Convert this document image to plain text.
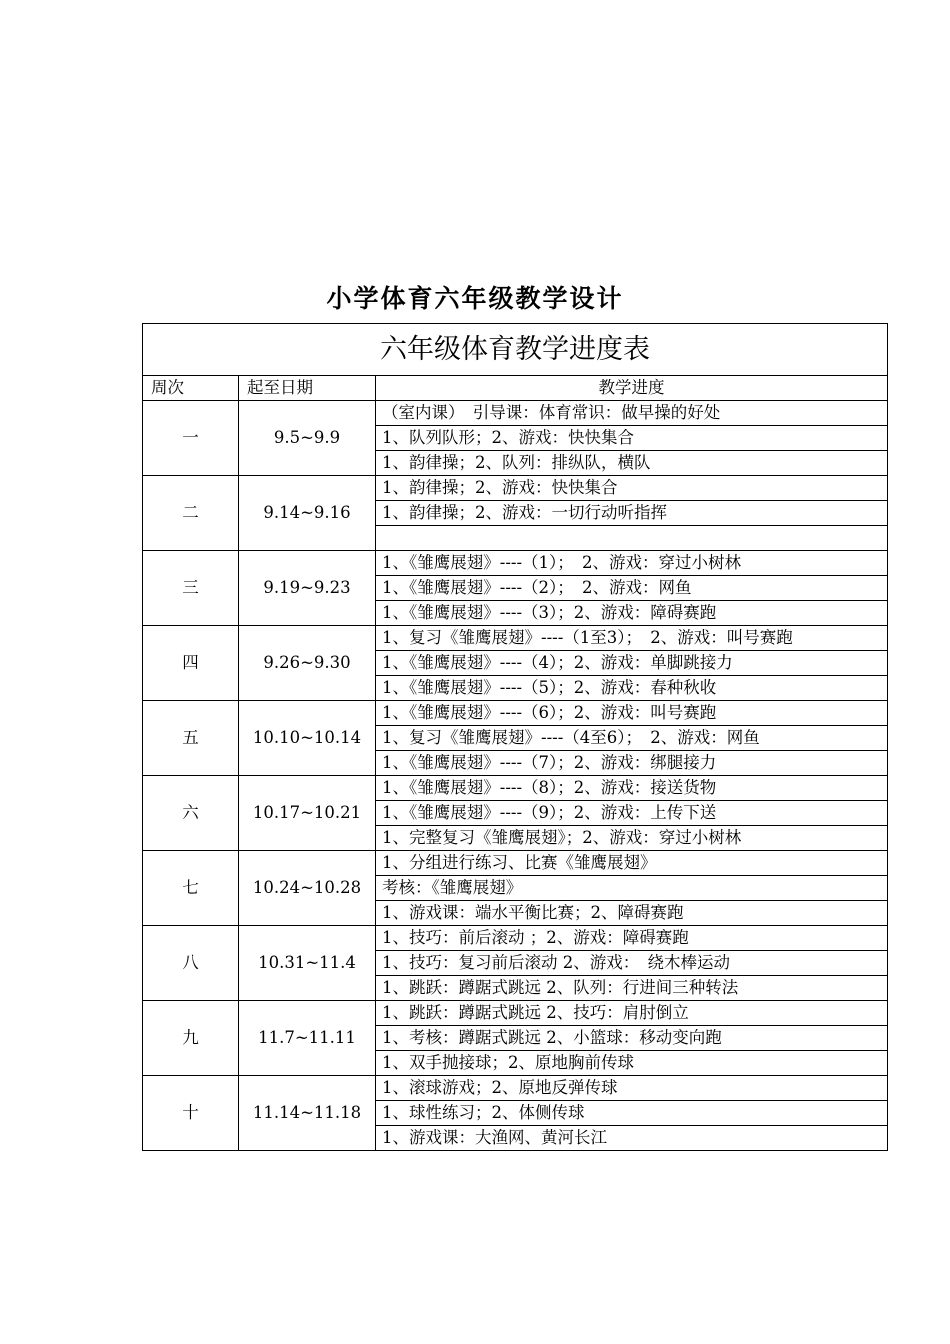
小学体育六年级教学设计
六年级体育教学进度表		
周次	起至日期	教学进度
一	9.5~9.9	（室内课）　引导课：体育常识：做早操的好处
		1、队列队形；2、游戏：快快集合
		1、韵律操；2、队列：排纵队，横队
二	9.14~9.16	1、韵律操；2、游戏：快快集合
		1、韵律操；2、游戏：一切行动听指挥

三	9.19~9.23	1、《雏鹰展翅》----（1）；　2、游戏：穿过小树林
		1、《雏鹰展翅》----（2）；　2、游戏：网鱼
		1、《雏鹰展翅》----（3）；2、游戏：障碍赛跑
四	9.26~9.30	1、复习《雏鹰展翅》----（1至3）；　2、游戏：叫号赛跑
		1、《雏鹰展翅》----（4）；2、游戏：单脚跳接力
		1、《雏鹰展翅》----（5）；2、游戏：春种秋收
五	10.10~10.14	1、《雏鹰展翅》----（6）；2、游戏：叫号赛跑
		1、复习《雏鹰展翅》----（4至6）；　2、游戏：网鱼
		1、《雏鹰展翅》----（7）；2、游戏：绑腿接力
六	10.17~10.21	1、《雏鹰展翅》----（8）；2、游戏：接送货物
		1、《雏鹰展翅》----（9）；2、游戏：上传下送
		1、完整复习《雏鹰展翅》；2、游戏：穿过小树林
七	10.24~10.28	1、分组进行练习、比赛《雏鹰展翅》
		考核：《雏鹰展翅》
		1、游戏课：端水平衡比赛；2、障碍赛跑
八	10.31~11.4	1、技巧：前后滚动 ；2、游戏：障碍赛跑
		1、技巧：复习前后滚动 2、游戏：　绕木棒运动
		1、跳跃：蹲踞式跳远 2、队列：行进间三种转法
九	11.7~11.11	1、跳跃：蹲踞式跳远 2、技巧：肩肘倒立
		1、考核：蹲踞式跳远 2、小篮球：移动变向跑
		1、双手抛接球；2、原地胸前传球
十	11.14~11.18	1、滚球游戏；2、原地反弹传球
		1、球性练习；2、体侧传球
		1、游戏课：大渔网、黄河长江
